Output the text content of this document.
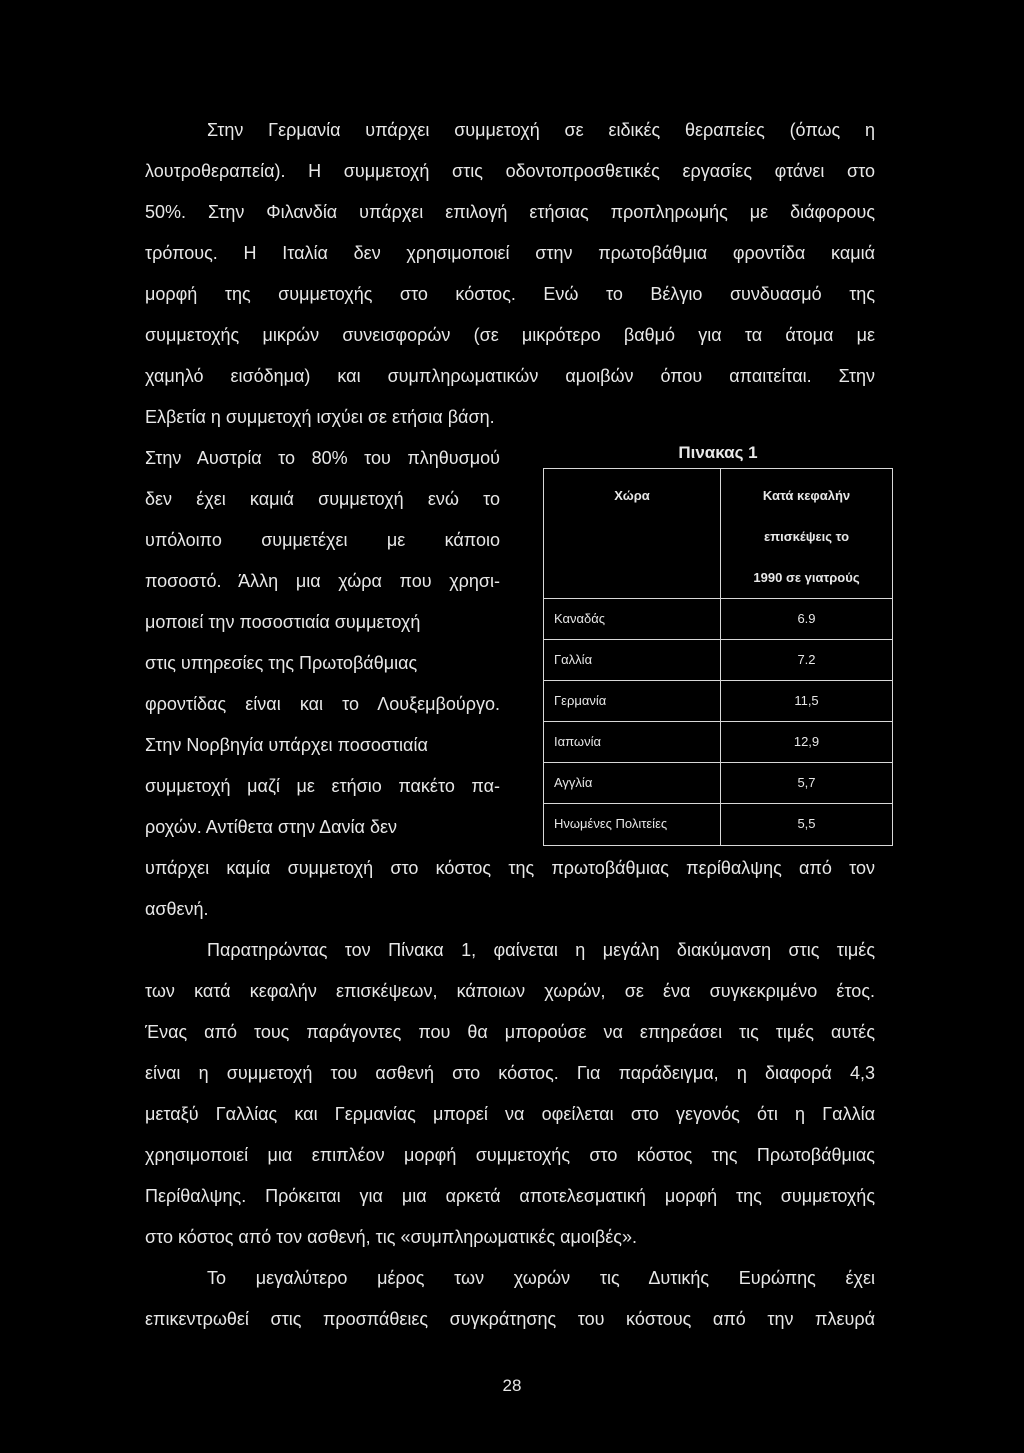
Στην Γερμανία υπάρχει συμμετοχή σε ειδικές θεραπείες (όπως η
λουτροθεραπεία). Η συμμετοχή στις οδοντοπροσθετικές εργασίες φτάνει στο
50%. Στην Φιλανδία υπάρχει επιλογή ετήσιας προπληρωμής με διάφορους
τρόπους. Η Ιταλία δεν χρησιμοποιεί στην πρωτοβάθμια φροντίδα καμιά
μορφή της συμμετοχής στο κόστος. Ενώ το Βέλγιο συνδυασμό της
συμμετοχής μικρών συνεισφορών (σε μικρότερο βαθμό για τα άτομα με
χαμηλό εισόδημα) και συμπληρωματικών αμοιβών όπου απαιτείται. Στην
Ελβετία η συμμετοχή ισχύει σε ετήσια βάση.
Στην Αυστρία το 80% του πληθυσμού
δεν έχει καμιά συμμετοχή ενώ το
υπόλοιπο συμμετέχει με κάποιο
ποσοστό. Άλλη μια χώρα που χρησι-
μοποιεί την ποσοστιαία συμμετοχή
στις υπηρεσίες της Πρωτοβάθμιας
φροντίδας είναι και το Λουξεμβούργο.
Στην Νορβηγία υπάρχει ποσοστιαία
συμμετοχή μαζί με ετήσιο πακέτο πα-
ροχών. Αντίθετα στην Δανία δεν
Πινακας 1
Χώρα	Κατά κεφαλήν
επισκέψεις το
1990 σε γιατρούς
Καναδάς	6.9
Γαλλία	7.2
Γερμανία	11,5
Ιαπωνία	12,9
Αγγλία	5,7
Ηνωμένες Πολιτείες	5,5
υπάρχει καμία συμμετοχή στο κόστος της πρωτοβάθμιας περίθαλψης από τον
ασθενή.
Παρατηρώντας τον Πίνακα 1, φαίνεται η μεγάλη διακύμανση στις τιμές
των κατά κεφαλήν επισκέψεων, κάποιων χωρών, σε ένα συγκεκριμένο έτος.
Ένας από τους παράγοντες που θα μπορούσε να επηρεάσει τις τιμές αυτές
είναι η συμμετοχή του ασθενή στο κόστος. Για παράδειγμα, η διαφορά 4,3
μεταξύ Γαλλίας και Γερμανίας μπορεί να οφείλεται στο γεγονός ότι η Γαλλία
χρησιμοποιεί μια επιπλέον μορφή συμμετοχής στο κόστος της Πρωτοβάθμιας
Περίθαλψης. Πρόκειται για μια αρκετά αποτελεσματική μορφή της συμμετοχής
στο κόστος από τον ασθενή, τις «συμπληρωματικές αμοιβές».
Το μεγαλύτερο μέρος των χωρών τις Δυτικής Ευρώπης έχει
επικεντρωθεί στις προσπάθειες συγκράτησης του κόστους από την πλευρά
28
